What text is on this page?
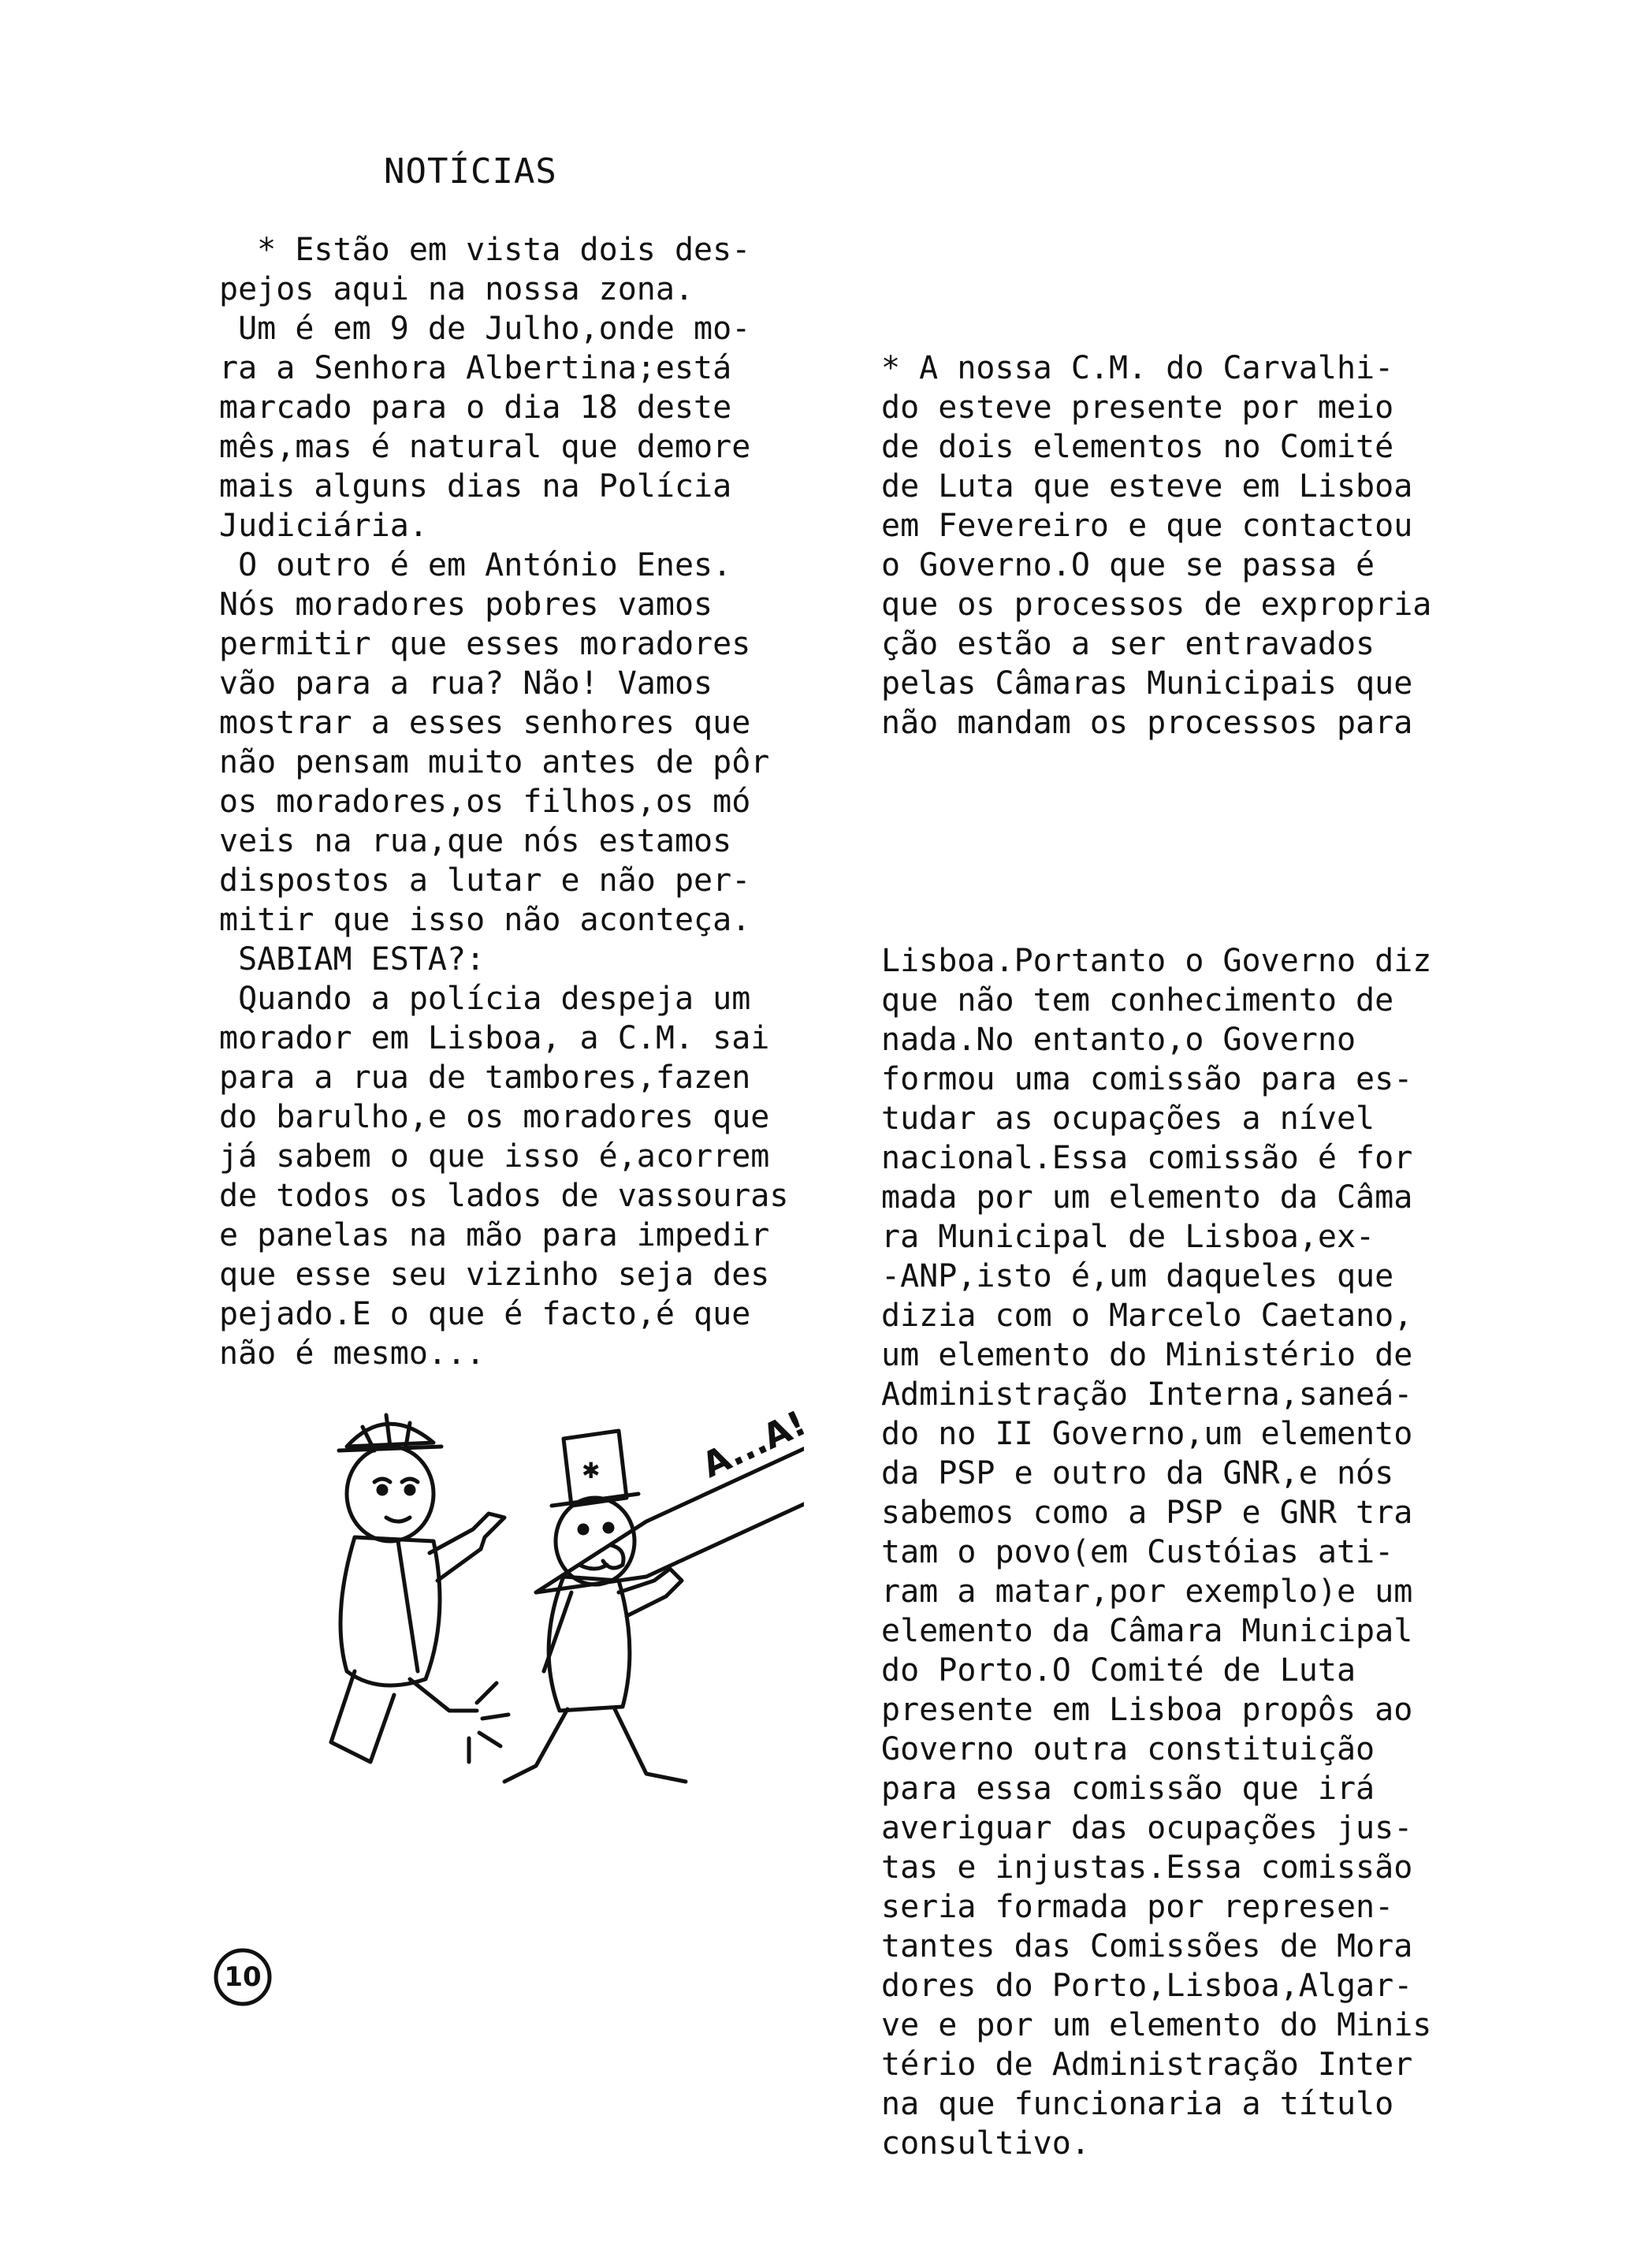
NOTÍCIAS
* Estão em vista dois des-
pejos aqui na nossa zona.
Um é em 9 de Julho,onde mo-
ra a Senhora Albertina;está
marcado para o dia 18 deste
mês,mas é natural que demore
mais alguns dias na Polícia
Judiciária.
O outro é em António Enes.
Nós moradores pobres vamos
permitir que esses moradores
vão para a rua? Não! Vamos
mostrar a esses senhores que
não pensam muito antes de pôr
os moradores,os filhos,os mó
veis na rua,que nós estamos
dispostos a lutar e não per-
mitir que isso não aconteça.
SABIAM ESTA?:
Quando a polícia despeja um
morador em Lisboa, a C.M. sai
para a rua de tambores,fazen
do barulho,e os moradores que
já sabem o que isso é,acorrem
de todos os lados de vassouras
e panelas na mão para impedir
que esse seu vizinho seja des
pejado.E o que é facto,é que
não é mesmo...

* A nossa C.M. do Carvalhi-
do esteve presente por meio
de dois elementos no Comité
de Luta que esteve em Lisboa
em Fevereiro e que contactou
o Governo.O que se passa é
que os processos de expropria
ção estão a ser entravados
pelas Câmaras Municipais que
não mandam os processos para

Lisboa.Portanto o Governo diz
que não tem conhecimento de
nada.No entanto,o Governo
formou uma comissão para es-
tudar as ocupações a nível
nacional.Essa comissão é for
mada por um elemento da Câma
ra Municipal de Lisboa,ex-
-ANP,isto é,um daqueles que
dizia com o Marcelo Caetano,
um elemento do Ministério de
Administração Interna,saneá-
do no II Governo,um elemento
da PSP e outro da GNR,e nós
sabemos como a PSP e GNR tra
tam o povo(em Custóias ati-
ram a matar,por exemplo)e um
elemento da Câmara Municipal
do Porto.O Comité de Luta
presente em Lisboa propôs ao
Governo outra constituição
para essa comissão que irá
averiguar das ocupações jus-
tas e injustas.Essa comissão
seria formada por represen-
tantes das Comissões de Mora
dores do Porto,Lisboa,Algar-
ve e por um elemento do Minis
tério de Administração Inter
na que funcionaria a título
consultivo.

A...A!
✱
10
